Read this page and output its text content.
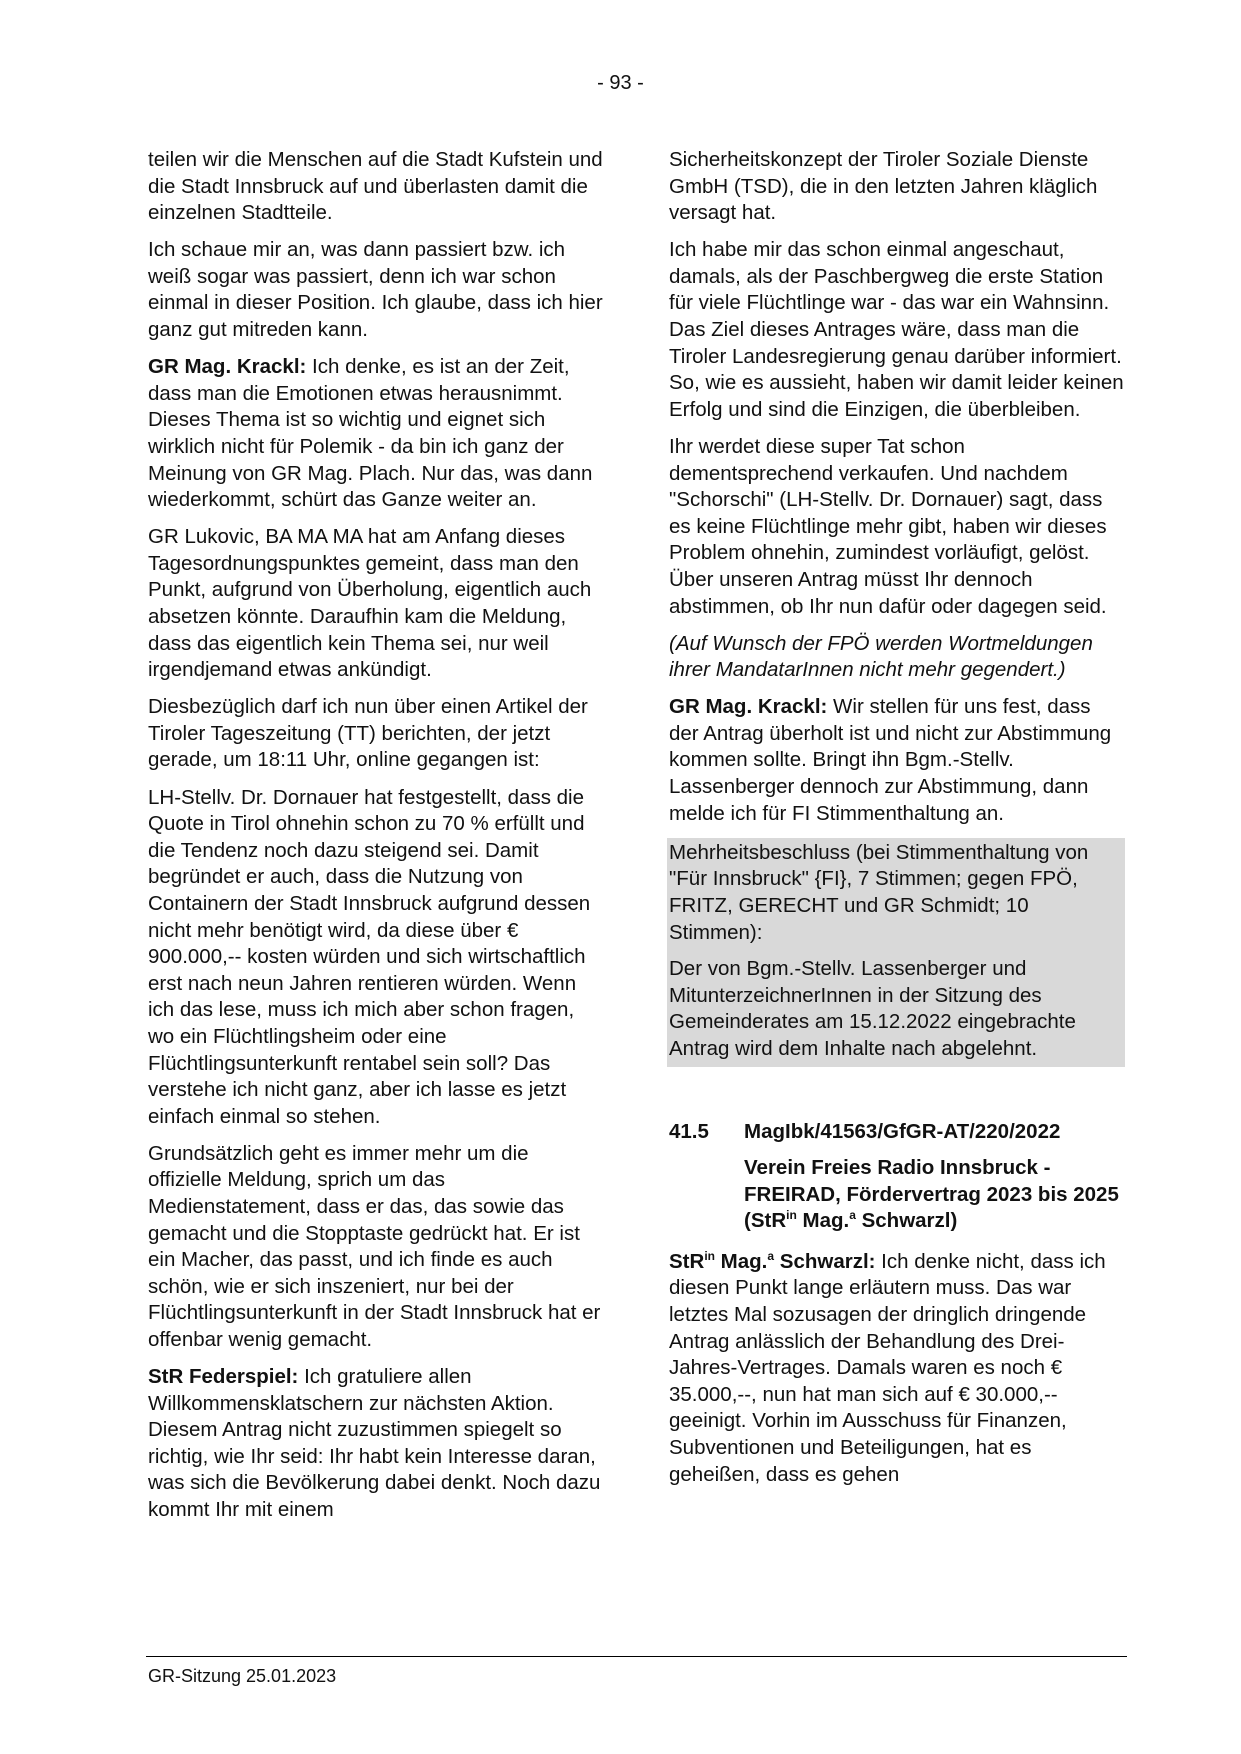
- 93 -

teilen wir die Menschen auf die Stadt Kufstein und die Stadt Innsbruck auf und überlasten damit die einzelnen Stadtteile.

Ich schaue mir an, was dann passiert bzw. ich weiß sogar was passiert, denn ich war schon einmal in dieser Position. Ich glaube, dass ich hier ganz gut mitreden kann.

GR Mag. Krackl: Ich denke, es ist an der Zeit, dass man die Emotionen etwas herausnimmt. Dieses Thema ist so wichtig und eignet sich wirklich nicht für Polemik - da bin ich ganz der Meinung von GR Mag. Plach. Nur das, was dann wiederkommt, schürt das Ganze weiter an.

GR Lukovic, BA MA MA hat am Anfang dieses Tagesordnungspunktes gemeint, dass man den Punkt, aufgrund von Überholung, eigentlich auch absetzen könnte. Daraufhin kam die Meldung, dass das eigentlich kein Thema sei, nur weil irgendjemand etwas ankündigt.

Diesbezüglich darf ich nun über einen Artikel der Tiroler Tageszeitung (TT) berichten, der jetzt gerade, um 18:11 Uhr, online gegangen ist:

LH-Stellv. Dr. Dornauer hat festgestellt, dass die Quote in Tirol ohnehin schon zu 70 % erfüllt und die Tendenz noch dazu steigend sei. Damit begründet er auch, dass die Nutzung von Containern der Stadt Innsbruck aufgrund dessen nicht mehr benötigt wird, da diese über € 900.000,-- kosten würden und sich wirtschaftlich erst nach neun Jahren rentieren würden. Wenn ich das lese, muss ich mich aber schon fragen, wo ein Flüchtlingsheim oder eine Flüchtlingsunterkunft rentabel sein soll? Das verstehe ich nicht ganz, aber ich lasse es jetzt einfach einmal so stehen.

Grundsätzlich geht es immer mehr um die offizielle Meldung, sprich um das Medienstatement, dass er das, das sowie das gemacht und die Stopptaste gedrückt hat. Er ist ein Macher, das passt, und ich finde es auch schön, wie er sich inszeniert, nur bei der Flüchtlingsunterkunft in der Stadt Innsbruck hat er offenbar wenig gemacht.

StR Federspiel: Ich gratuliere allen Willkommensklatschern zur nächsten Aktion. Diesem Antrag nicht zuzustimmen spiegelt so richtig, wie Ihr seid: Ihr habt kein Interesse daran, was sich die Bevölkerung dabei denkt. Noch dazu kommt Ihr mit einem

Sicherheitskonzept der Tiroler Soziale Dienste GmbH (TSD), die in den letzten Jahren kläglich versagt hat.

Ich habe mir das schon einmal angeschaut, damals, als der Paschbergweg die erste Station für viele Flüchtlinge war - das war ein Wahnsinn. Das Ziel dieses Antrages wäre, dass man die Tiroler Landesregierung genau darüber informiert. So, wie es aussieht, haben wir damit leider keinen Erfolg und sind die Einzigen, die überbleiben.

Ihr werdet diese super Tat schon dementsprechend verkaufen. Und nachdem "Schorschi" (LH-Stellv. Dr. Dornauer) sagt, dass es keine Flüchtlinge mehr gibt, haben wir dieses Problem ohnehin, zumindest vorläufigt, gelöst. Über unseren Antrag müsst Ihr dennoch abstimmen, ob Ihr nun dafür oder dagegen seid.

(Auf Wunsch der FPÖ werden Wortmeldungen ihrer MandatarInnen nicht mehr gegendert.)

GR Mag. Krackl: Wir stellen für uns fest, dass der Antrag überholt ist und nicht zur Abstimmung kommen sollte. Bringt ihn Bgm.-Stellv. Lassenberger dennoch zur Abstimmung, dann melde ich für FI Stimmenthaltung an.

Mehrheitsbeschluss (bei Stimmenthaltung von "Für Innsbruck" {FI}, 7 Stimmen; gegen FPÖ, FRITZ, GERECHT und GR Schmidt; 10 Stimmen):

Der von Bgm.-Stellv. Lassenberger und MitunterzeichnerInnen in der Sitzung des Gemeinderates am 15.12.2022 eingebrachte Antrag wird dem Inhalte nach abgelehnt.

41.5	MagIbk/41563/GfGR-AT/220/2022
Verein Freies Radio Innsbruck - FREIRAD, Fördervertrag 2023 bis 2025 (StR$^{in}$ Mag.$^a$ Schwarzl)

StR$^{in}$ Mag.$^a$ Schwarzl: Ich denke nicht, dass ich diesen Punkt lange erläutern muss. Das war letztes Mal sozusagen der dringlich dringende Antrag anlässlich der Behandlung des Drei-Jahres-Vertrages. Damals waren es noch € 35.000,--, nun hat man sich auf € 30.000,-- geeinigt. Vorhin im Ausschuss für Finanzen, Subventionen und Beteiligungen, hat es geheißen, dass es gehen

GR-Sitzung 25.01.2023
